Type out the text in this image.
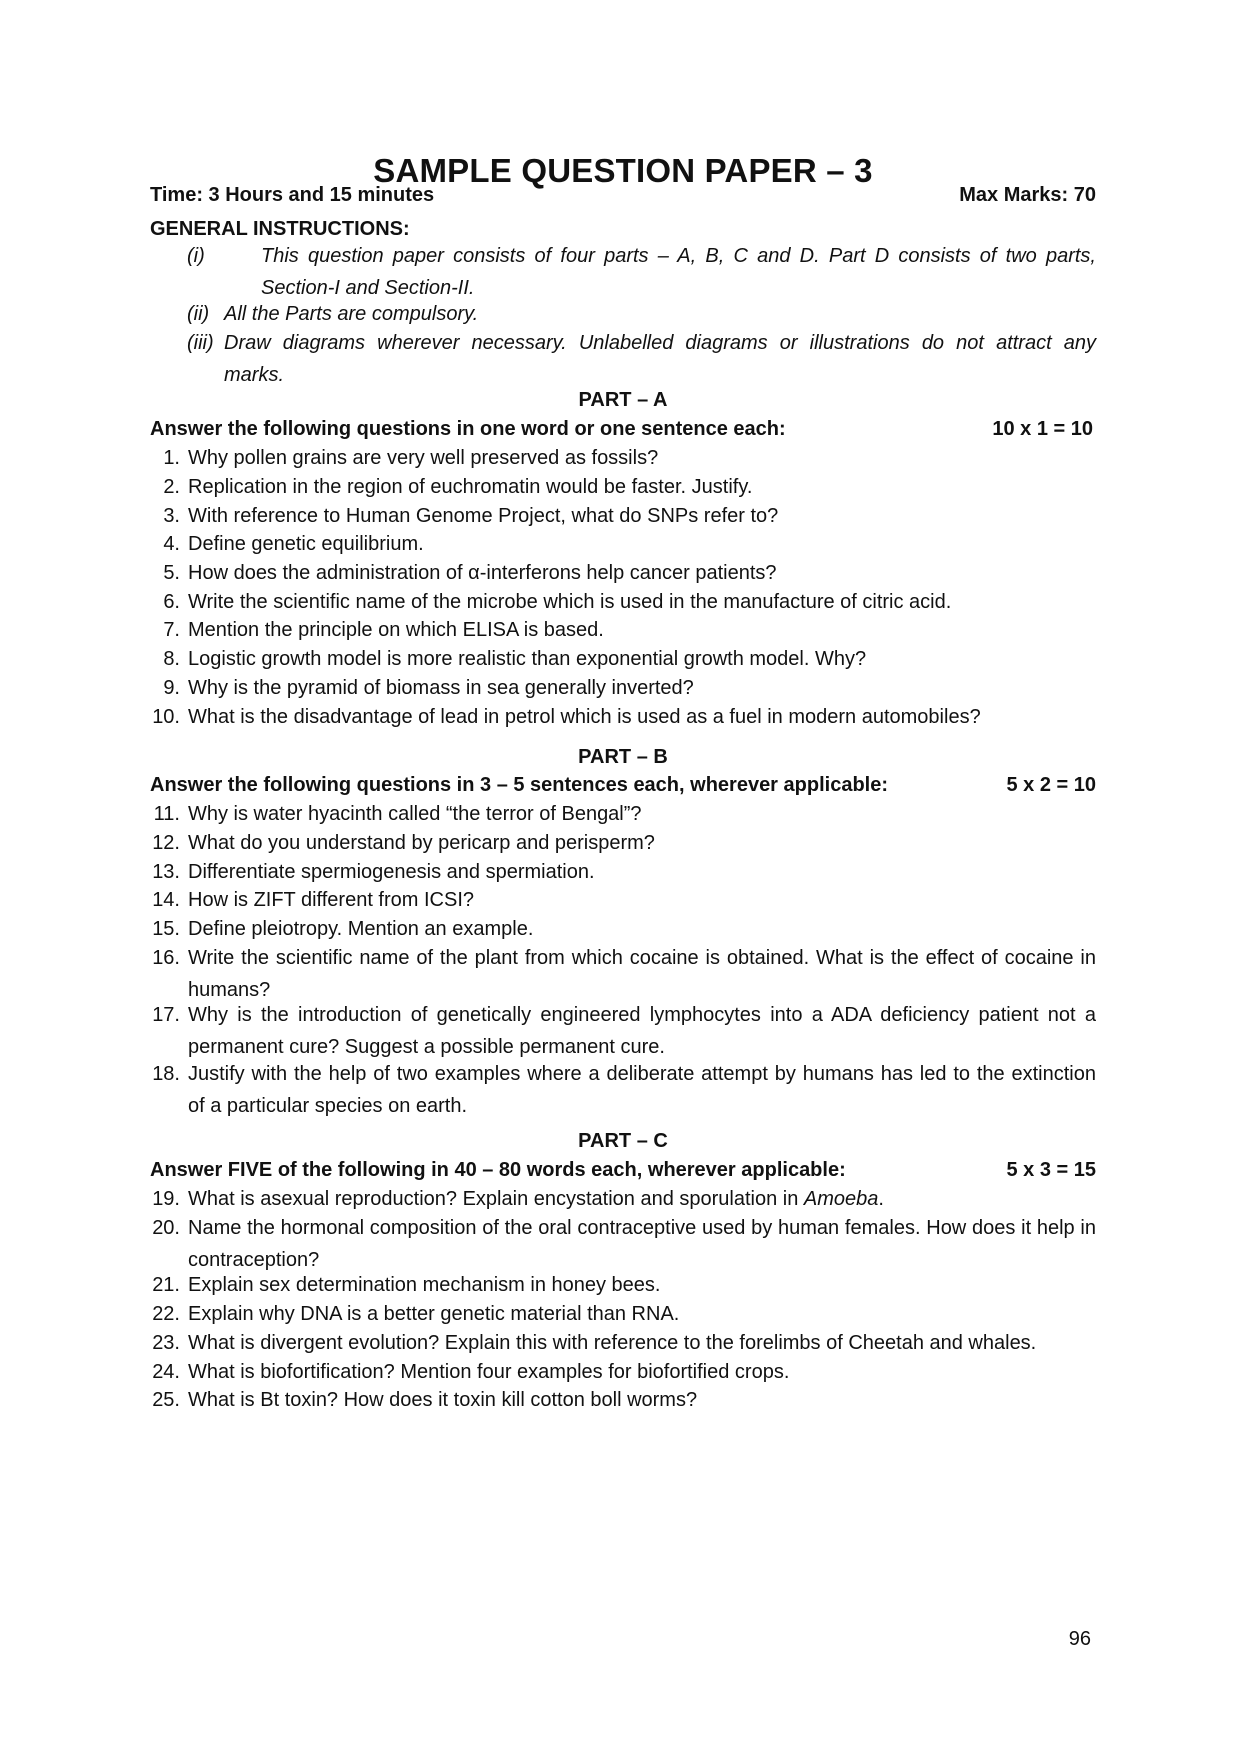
SAMPLE QUESTION PAPER – 3
Time: 3 Hours and 15 minutes	Max Marks: 70
GENERAL INSTRUCTIONS:
(i)	This question paper consists of four parts – A, B, C and D. Part D consists of two parts,
Section-I and Section-II.
(ii) All the Parts are compulsory.
(iii) Draw diagrams wherever necessary. Unlabelled diagrams or illustrations do not attract any
marks.
PART – A
Answer the following questions in one word or one sentence each:	10 x 1 = 10
1. Why pollen grains are very well preserved as fossils?
2. Replication in the region of euchromatin would be faster. Justify.
3. With reference to Human Genome Project, what do SNPs refer to?
4. Define genetic equilibrium.
5. How does the administration of α-interferons help cancer patients?
6. Write the scientific name of the microbe which is used in the manufacture of citric acid.
7. Mention the principle on which ELISA is based.
8. Logistic growth model is more realistic than exponential growth model. Why?
9. Why is the pyramid of biomass in sea generally inverted?
10. What is the disadvantage of lead in petrol which is used as a fuel in modern automobiles?
PART – B
Answer the following questions in 3 – 5 sentences each, wherever applicable:	5 x 2 = 10
11. Why is water hyacinth called “the terror of Bengal”?
12. What do you understand by pericarp and perisperm?
13. Differentiate spermiogenesis and spermiation.
14. How is ZIFT different from ICSI?
15. Define pleiotropy. Mention an example.
16. Write the scientific name of the plant from which cocaine is obtained. What is the effect of cocaine in humans?
17. Why is the introduction of genetically engineered lymphocytes into a ADA deficiency patient not a permanent cure? Suggest a possible permanent cure.
18. Justify with the help of two examples where a deliberate attempt by humans has led to the extinction of a particular species on earth.
PART – C
Answer FIVE of the following in 40 – 80 words each, wherever applicable:	5 x 3 = 15
19. What is asexual reproduction? Explain encystation and sporulation in Amoeba.
20. Name the hormonal composition of the oral contraceptive used by human females. How does it help in contraception?
21. Explain sex determination mechanism in honey bees.
22. Explain why DNA is a better genetic material than RNA.
23. What is divergent evolution? Explain this with reference to the forelimbs of Cheetah and whales.
24. What is biofortification? Mention four examples for biofortified crops.
25. What is Bt toxin? How does it toxin kill cotton boll worms?
96
